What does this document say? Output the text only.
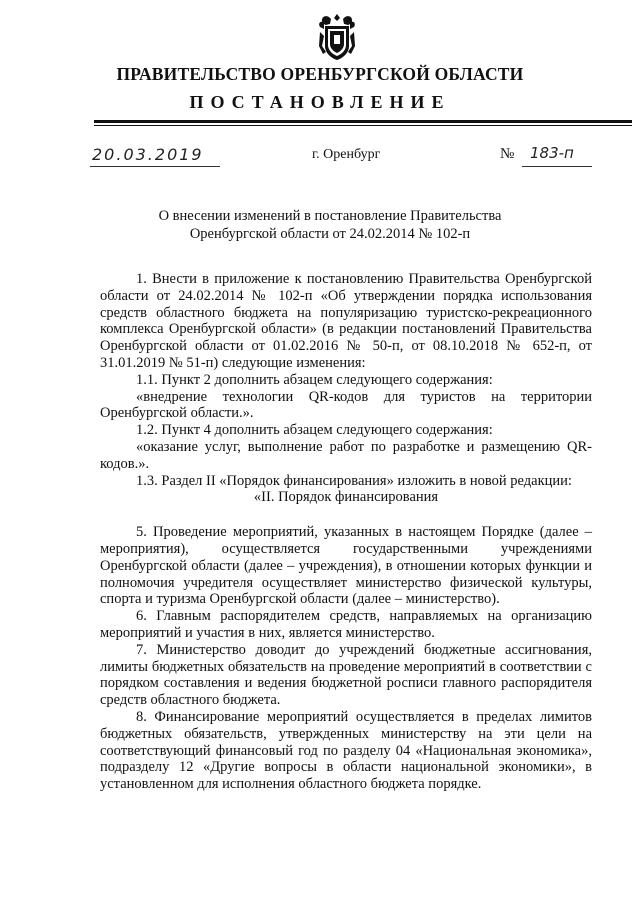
ПРАВИТЕЛЬСТВО ОРЕНБУРГСКОЙ ОБЛАСТИ
ПОСТАНОВЛЕНИЕ
20.03.2019	г. Оренбург	№ 183-п
О внесении изменений в постановление Правительства
Оренбургской области от 24.02.2014 № 102-п

1. Внести в приложение к постановлению Правительства Оренбургской области от 24.02.2014 № 102-п «Об утверждении порядка использования средств областного бюджета на популяризацию туристско-рекреационного комплекса Оренбургской области» (в редакции постановлений Правительства Оренбургской области от 01.02.2016 № 50-п, от 08.10.2018 № 652-п, от 31.01.2019 № 51-п) следующие изменения:

1.1. Пункт 2 дополнить абзацем следующего содержания:

«внедрение технологии QR-кодов для туристов на территории Оренбургской области.».

1.2. Пункт 4 дополнить абзацем следующего содержания:

«оказание услуг, выполнение работ по разработке и размещению QR-кодов.».

1.3. Раздел II «Порядок финансирования» изложить в новой редакции:

«II. Порядок финансирования

5. Проведение мероприятий, указанных в настоящем Порядке (далее – мероприятия), осуществляется государственными учреждениями Оренбургской области (далее – учреждения), в отношении которых функции и полномочия учредителя осуществляет министерство физической культуры, спорта и туризма Оренбургской области (далее – министерство).

6. Главным распорядителем средств, направляемых на организацию мероприятий и участия в них, является министерство.

7. Министерство доводит до учреждений бюджетные ассигнования, лимиты бюджетных обязательств на проведение мероприятий в соответствии с порядком составления и ведения бюджетной росписи главного распорядителя средств областного бюджета.

8. Финансирование мероприятий осуществляется в пределах лимитов бюджетных обязательств, утвержденных министерству на эти цели на соответствующий финансовый год по разделу 04 «Национальная экономика», подразделу 12 «Другие вопросы в области национальной экономики», в установленном для исполнения областного бюджета порядке.
